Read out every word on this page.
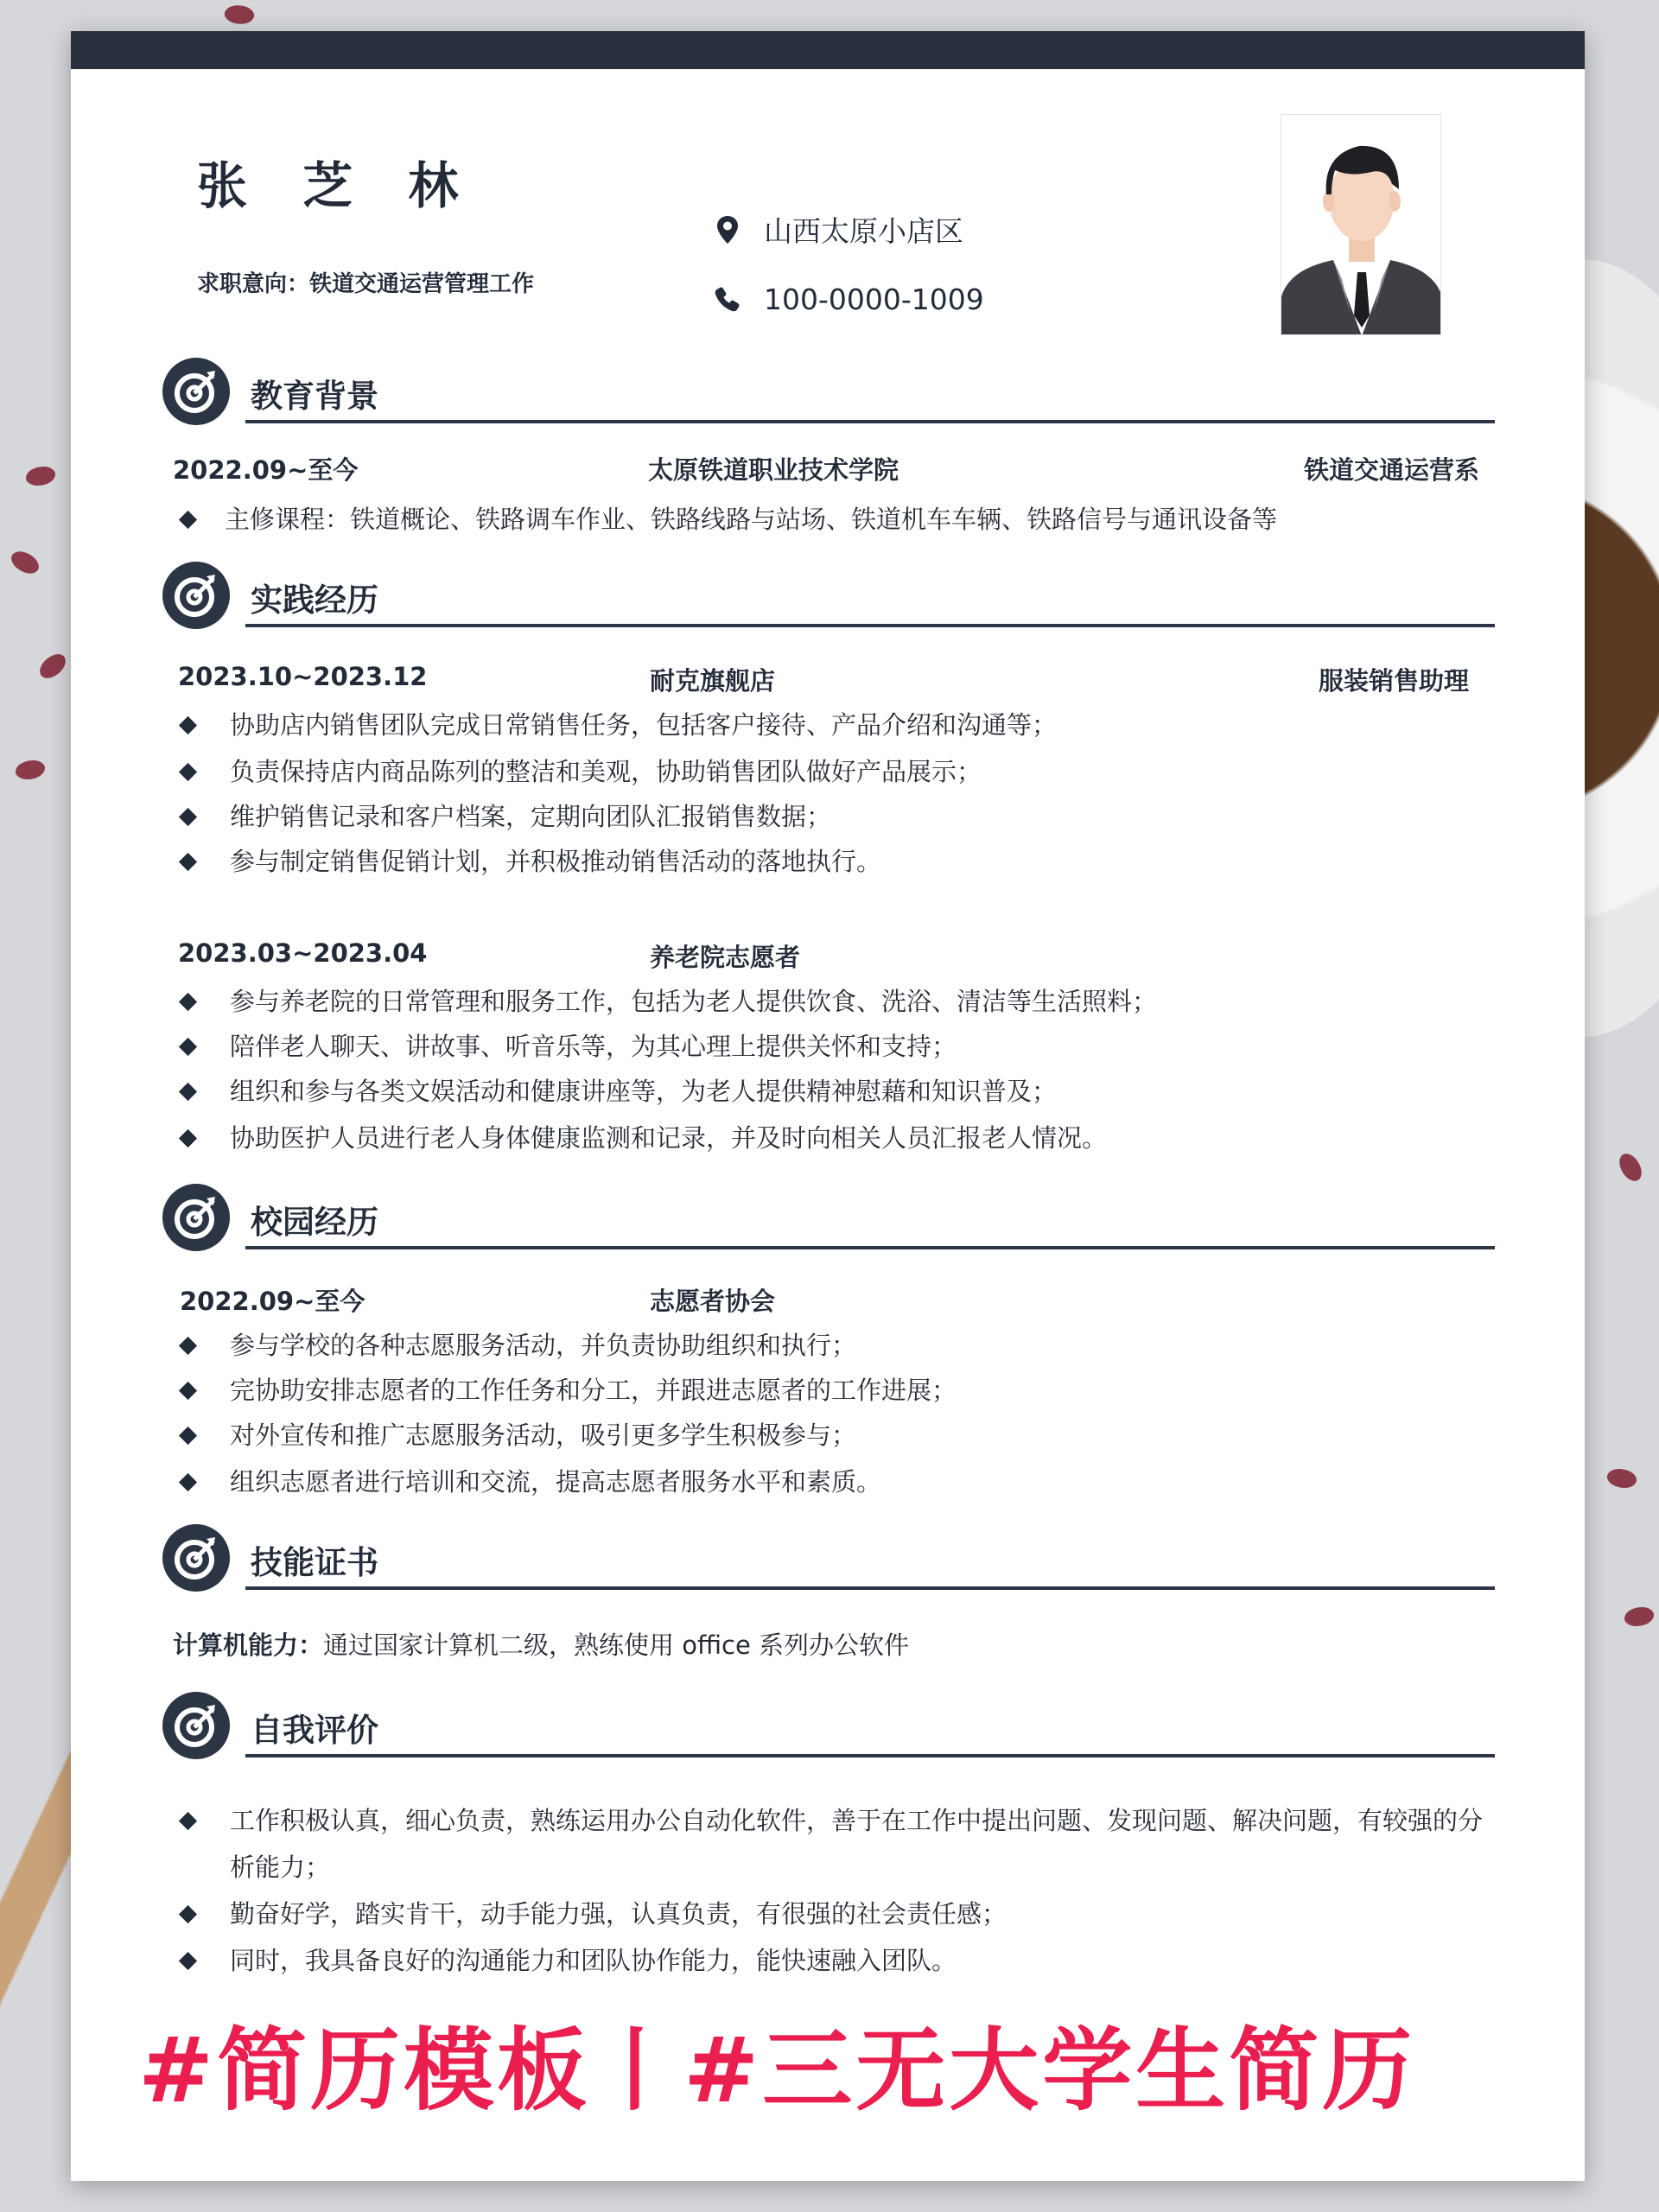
张 芝 林
求职意向：铁道交通运营管理工作
山西太原小店区
100-0000-1009
教育背景
2022.09~至今	太原铁道职业技术学院	铁道交通运营系
主修课程：铁道概论、铁路调车作业、铁路线路与站场、铁道机车车辆、铁路信号与通讯设备等
实践经历
2023.10~2023.12	耐克旗舰店	服装销售助理
协助店内销售团队完成日常销售任务，包括客户接待、产品介绍和沟通等；
负责保持店内商品陈列的整洁和美观，协助销售团队做好产品展示；
维护销售记录和客户档案，定期向团队汇报销售数据；
参与制定销售促销计划，并积极推动销售活动的落地执行。
2023.03~2023.04	养老院志愿者
参与养老院的日常管理和服务工作，包括为老人提供饮食、洗浴、清洁等生活照料；
陪伴老人聊天、讲故事、听音乐等，为其心理上提供关怀和支持；
组织和参与各类文娱活动和健康讲座等，为老人提供精神慰藉和知识普及；
协助医护人员进行老人身体健康监测和记录，并及时向相关人员汇报老人情况。
校园经历
2022.09~至今	志愿者协会
参与学校的各种志愿服务活动，并负责协助组织和执行；
完协助安排志愿者的工作任务和分工，并跟进志愿者的工作进展；
对外宣传和推广志愿服务活动，吸引更多学生积极参与；
组织志愿者进行培训和交流，提高志愿者服务水平和素质。
技能证书
计算机能力：通过国家计算机二级，熟练使用 office 系列办公软件
自我评价
工作积极认真，细心负责，熟练运用办公自动化软件，善于在工作中提出问题、发现问题、解决问题，有较强的分析能力；
勤奋好学，踏实肯干，动手能力强，认真负责，有很强的社会责任感；
同时，我具备良好的沟通能力和团队协作能力，能快速融入团队。
#简历模板丨#三无大学生简历
